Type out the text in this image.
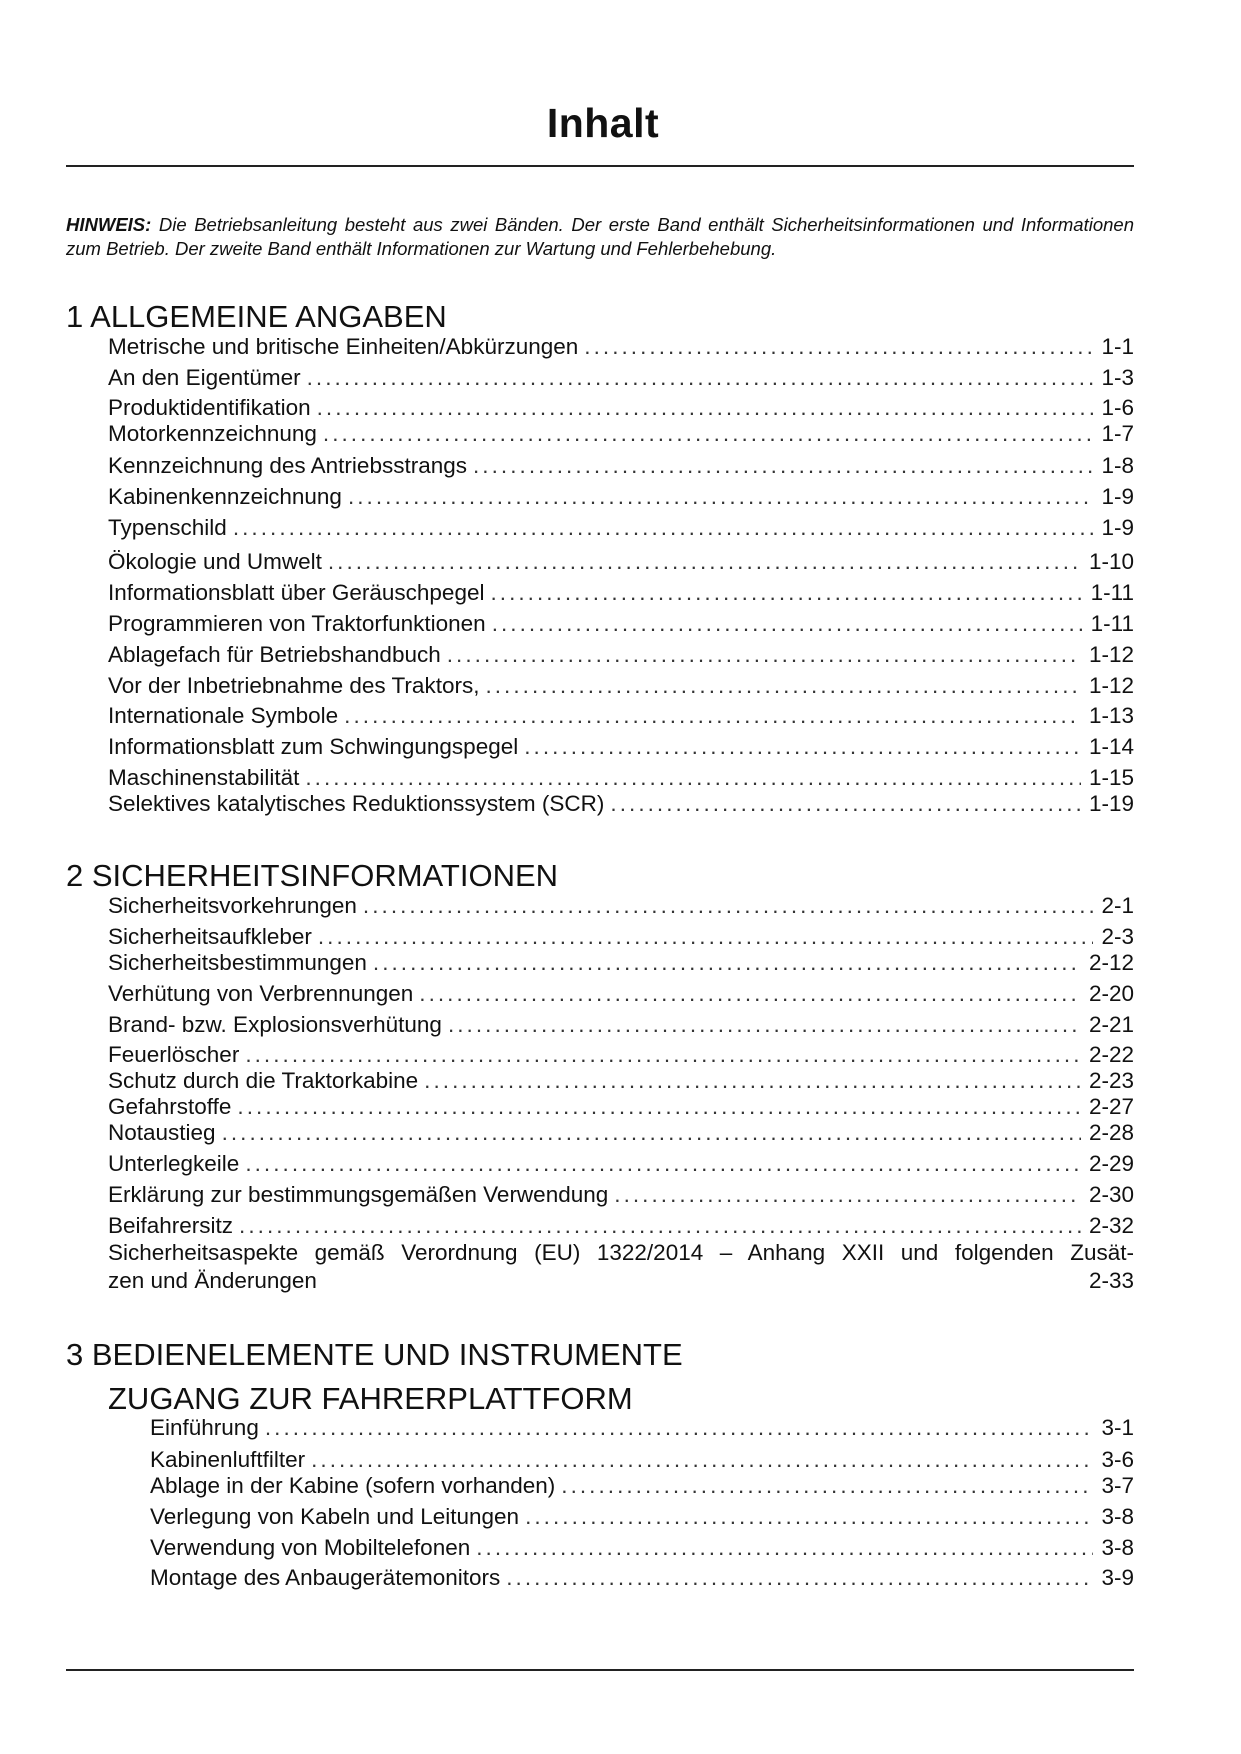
Inhalt
HINWEIS: Die Betriebsanleitung besteht aus zwei Bänden. Der erste Band enthält Sicherheitsinformationen und Informationen zum Betrieb. Der zweite Band enthält Informationen zur Wartung und Fehlerbehebung.
1 ALLGEMEINE ANGABEN
Metrische und britische Einheiten/Abkürzungen . . .	1-1
An den Eigentümer . . .	1-3
Produktidentifikation . . .	1-6
Motorkennzeichnung . . .	1-7
Kennzeichnung des Antriebsstrangs . . .	1-8
Kabinenkennzeichnung . . .	1-9
Typenschild . . .	1-9
Ökologie und Umwelt . . .	1-10
Informationsblatt über Geräuschpegel . . .	1-11
Programmieren von Traktorfunktionen . . .	1-11
Ablagefach für Betriebshandbuch . . .	1-12
Vor der Inbetriebnahme des Traktors, . . .	1-12
Internationale Symbole . . .	1-13
Informationsblatt zum Schwingungspegel . . .	1-14
Maschinenstabilität . . .	1-15
Selektives katalytisches Reduktionssystem (SCR) . . .	1-19
2 SICHERHEITSINFORMATIONEN
Sicherheitsvorkehrungen . . .	2-1
Sicherheitsaufkleber . . .	2-3
Sicherheitsbestimmungen . . .	2-12
Verhütung von Verbrennungen . . .	2-20
Brand- bzw. Explosionsverhütung . . .	2-21
Feuerlöscher . . .	2-22
Schutz durch die Traktorkabine . . .	2-23
Gefahrstoffe . . .	2-27
Notaustieg . . .	2-28
Unterlegkeile . . .	2-29
Erklärung zur bestimmungsgemäßen Verwendung . . .	2-30
Beifahrersitz . . .	2-32
Sicherheitsaspekte gemäß Verordnung (EU) 1322/2014 – Anhang XXII und folgenden Zusät-
zen und Änderungen	2-33
3 BEDIENELEMENTE UND INSTRUMENTE
ZUGANG ZUR FAHRERPLATTFORM
Einführung . . .	3-1
Kabinenluftfilter . . .	3-6
Ablage in der Kabine (sofern vorhanden) . . .	3-7
Verlegung von Kabeln und Leitungen . . .	3-8
Verwendung von Mobiltelefonen . . .	3-8
Montage des Anbaugerätemonitors . . .	3-9
